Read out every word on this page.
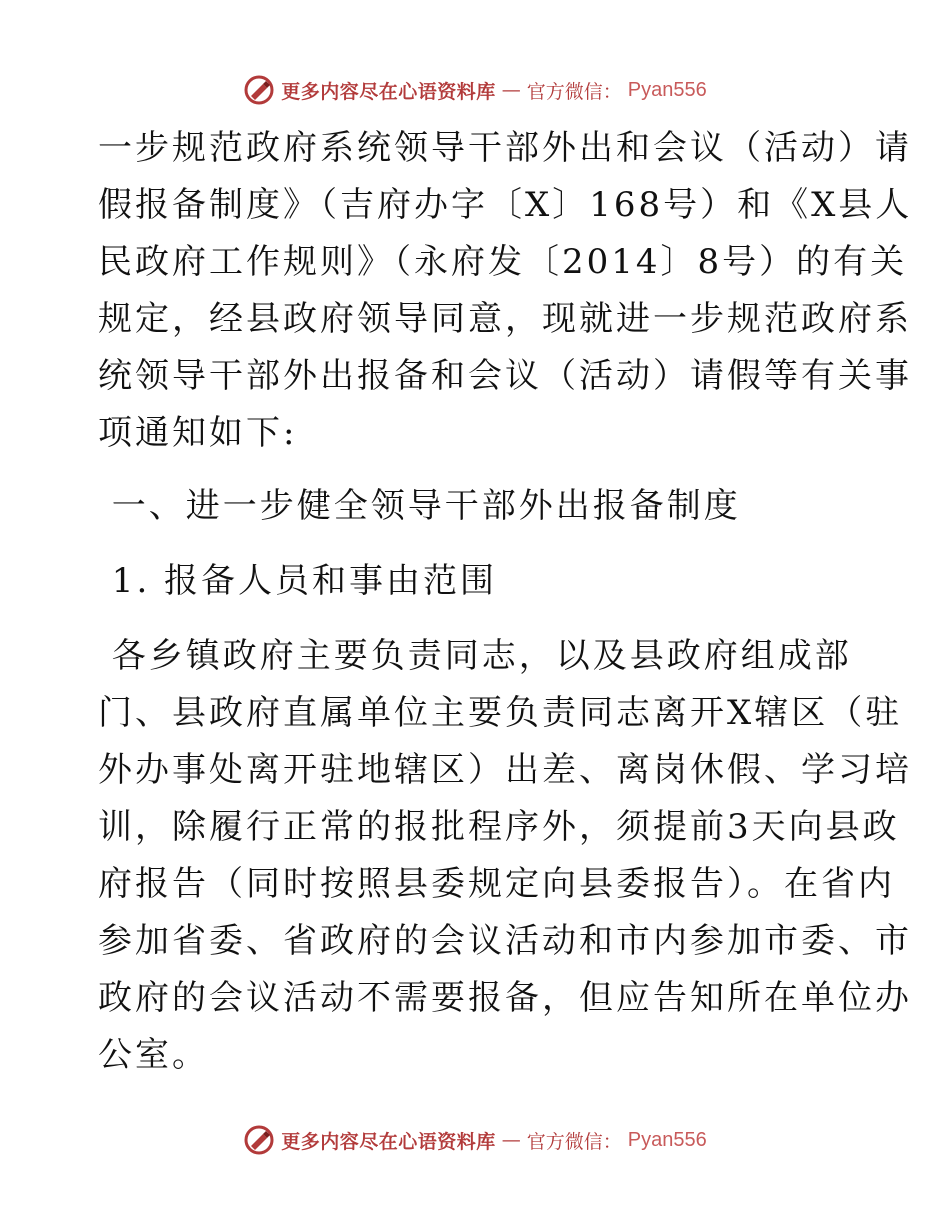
更多内容尽在心语资料库 — 官方微信： Pyan556
一步规范政府系统领导干部外出和会议（活动）请
假报备制度》（吉府办字〔X〕168号）和《X县人
民政府工作规则》（永府发〔2014〕8号）的有关
规定，经县政府领导同意，现就进一步规范政府系
统领导干部外出报备和会议（活动）请假等有关事
项通知如下:
一、进一步健全领导干部外出报备制度
1. 报备人员和事由范围
各乡镇政府主要负责同志，以及县政府组成部
门、县政府直属单位主要负责同志离开X辖区（驻
外办事处离开驻地辖区）出差、离岗休假、学习培
训，除履行正常的报批程序外，须提前3天向县政
府报告（同时按照县委规定向县委报告）。在省内
参加省委、省政府的会议活动和市内参加市委、市
政府的会议活动不需要报备，但应告知所在单位办
公室。
更多内容尽在心语资料库 — 官方微信： Pyan556
